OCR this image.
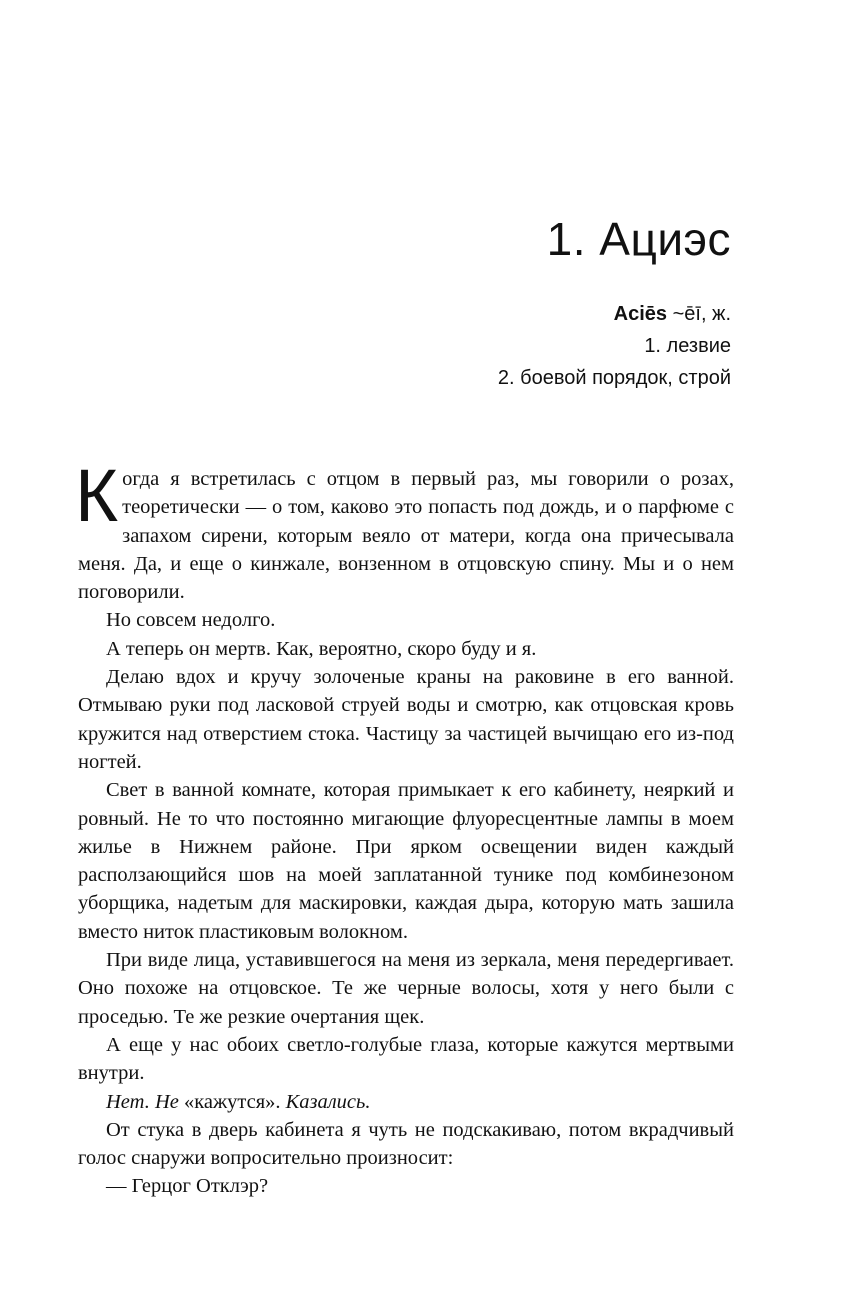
1. Ациэс
Aciēs ~ēī, ж.
1. лезвие
2. боевой порядок, строй

Когда я встретилась с отцом в первый раз, мы говорили о розах, теоретически — о том, каково это попасть под дождь, и о парфюме с запахом сирени, которым веяло от матери, когда она причесывала меня. Да, и еще о кинжале, вонзенном в отцовскую спину. Мы и о нем поговорили.

Но совсем недолго.

А теперь он мертв. Как, вероятно, скоро буду и я.

Делаю вдох и кручу золоченые краны на раковине в его ванной. Отмываю руки под ласковой струей воды и смотрю, как отцовская кровь кружится над отверстием стока. Частицу за частицей вычищаю его из-под ногтей.

Свет в ванной комнате, которая примыкает к его кабинету, неяркий и ровный. Не то что постоянно мигающие флуоресцентные лампы в моем жилье в Нижнем районе. При ярком освещении виден каждый расползающийся шов на моей заплатанной тунике под комбинезоном уборщика, надетым для маскировки, каждая дыра, которую мать зашила вместо ниток пластиковым волокном.

При виде лица, уставившегося на меня из зеркала, меня передергивает. Оно похоже на отцовское. Те же черные волосы, хотя у него были с проседью. Те же резкие очертания щек.

А еще у нас обоих светло-голубые глаза, которые кажутся мертвыми внутри.

Нет. Не «кажутся». Казались.

От стука в дверь кабинета я чуть не подскакиваю, потом вкрадчивый голос снаружи вопросительно произносит:

— Герцог Отклэр?
